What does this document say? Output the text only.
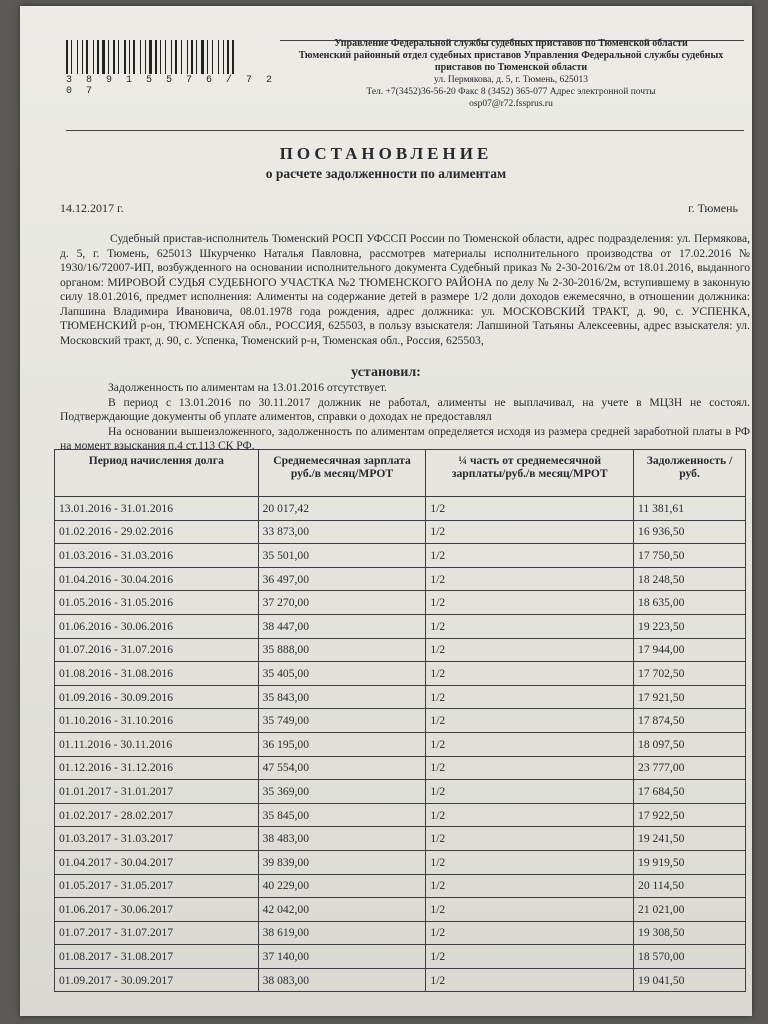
3 8 9 1 5 5 7 6 / 7 2 0 7
Управление Федеральной службы судебных приставов по Тюменской области
Тюменский районный отдел судебных приставов Управления Федеральной службы судебных приставов по Тюменской области
ул. Пермякова, д. 5, г. Тюмень, 625013
Тел. +7(3452)36-56-20 Факс 8 (3452) 365-077 Адрес электронной почты
osp07@r72.fssprus.ru
ПОСТАНОВЛЕНИЕ
о расчете задолженности по алиментам
14.12.2017 г.	г. Тюмень

Судебный пристав-исполнитель Тюменский РОСП УФССП России по Тюменской области, адрес подразделения: ул. Пермякова, д. 5, г. Тюмень, 625013 Шкурченко Наталья Павловна, рассмотрев материалы исполнительного производства от 17.02.2016 № 1930/16/72007-ИП, возбужденного на основании исполнительного документа Судебный приказ № 2-30-2016/2м от 18.01.2016, выданного органом: МИРОВОЙ СУДЬЯ СУДЕБНОГО УЧАСТКА №2 ТЮМЕНСКОГО РАЙОНА по делу № 2-30-2016/2м, вступившему в законную силу 18.01.2016, предмет исполнения: Алименты на содержание детей в размере 1/2 доли доходов ежемесячно, в отношении должника: Лапшина Владимира Ивановича, 08.01.1978 года рождения, адрес должника: ул. МОСКОВСКИЙ ТРАКТ, д. 90, с. УСПЕНКА, ТЮМЕНСКИЙ р-он, ТЮМЕНСКАЯ обл., РОССИЯ, 625503, в пользу взыскателя: Лапшиной Татьяны Алексеевны, адрес взыскателя: ул. Московский тракт, д. 90, с. Успенка, Тюменский р-н, Тюменская обл., Россия, 625503,

установил:

Задолженность по алиментам на 13.01.2016 отсутствует.

В период с 13.01.2016 по 30.11.2017 должник не работал, алименты не выплачивал, на учете в МЦЗН не состоял. Подтверждающие документы об уплате алиментов, справки о доходах не предоставлял

На основании вышеизложенного, задолженность по алиментам определяется исходя из размера средней заработной платы в РФ на момент взыскания п.4 ст.113 СК РФ.

Период начисления долга	Среднемесячная зарплата руб./в месяц/МРОТ	¼ часть от среднемесячной зарплаты/руб./в месяц/МРОТ	Задолженность /руб.
13.01.2016 - 31.01.2016	20 017,42	1/2	11 381,61
01.02.2016 - 29.02.2016	33 873,00	1/2	16 936,50
01.03.2016 - 31.03.2016	35 501,00	1/2	17 750,50
01.04.2016 - 30.04.2016	36 497,00	1/2	18 248,50
01.05.2016 - 31.05.2016	37 270,00	1/2	18 635,00
01.06.2016 - 30.06.2016	38 447,00	1/2	19 223,50
01.07.2016 - 31.07.2016	35 888,00	1/2	17 944,00
01.08.2016 - 31.08.2016	35 405,00	1/2	17 702,50
01.09.2016 - 30.09.2016	35 843,00	1/2	17 921,50
01.10.2016 - 31.10.2016	35 749,00	1/2	17 874,50
01.11.2016 - 30.11.2016	36 195,00	1/2	18 097,50
01.12.2016 - 31.12.2016	47 554,00	1/2	23 777,00
01.01.2017 - 31.01.2017	35 369,00	1/2	17 684,50
01.02.2017 - 28.02.2017	35 845,00	1/2	17 922,50
01.03.2017 - 31.03.2017	38 483,00	1/2	19 241,50
01.04.2017 - 30.04.2017	39 839,00	1/2	19 919,50
01.05.2017 - 31.05.2017	40 229,00	1/2	20 114,50
01.06.2017 - 30.06.2017	42 042,00	1/2	21 021,00
01.07.2017 - 31.07.2017	38 619,00	1/2	19 308,50
01.08.2017 - 31.08.2017	37 140,00	1/2	18 570,00
01.09.2017 - 30.09.2017	38 083,00	1/2	19 041,50
